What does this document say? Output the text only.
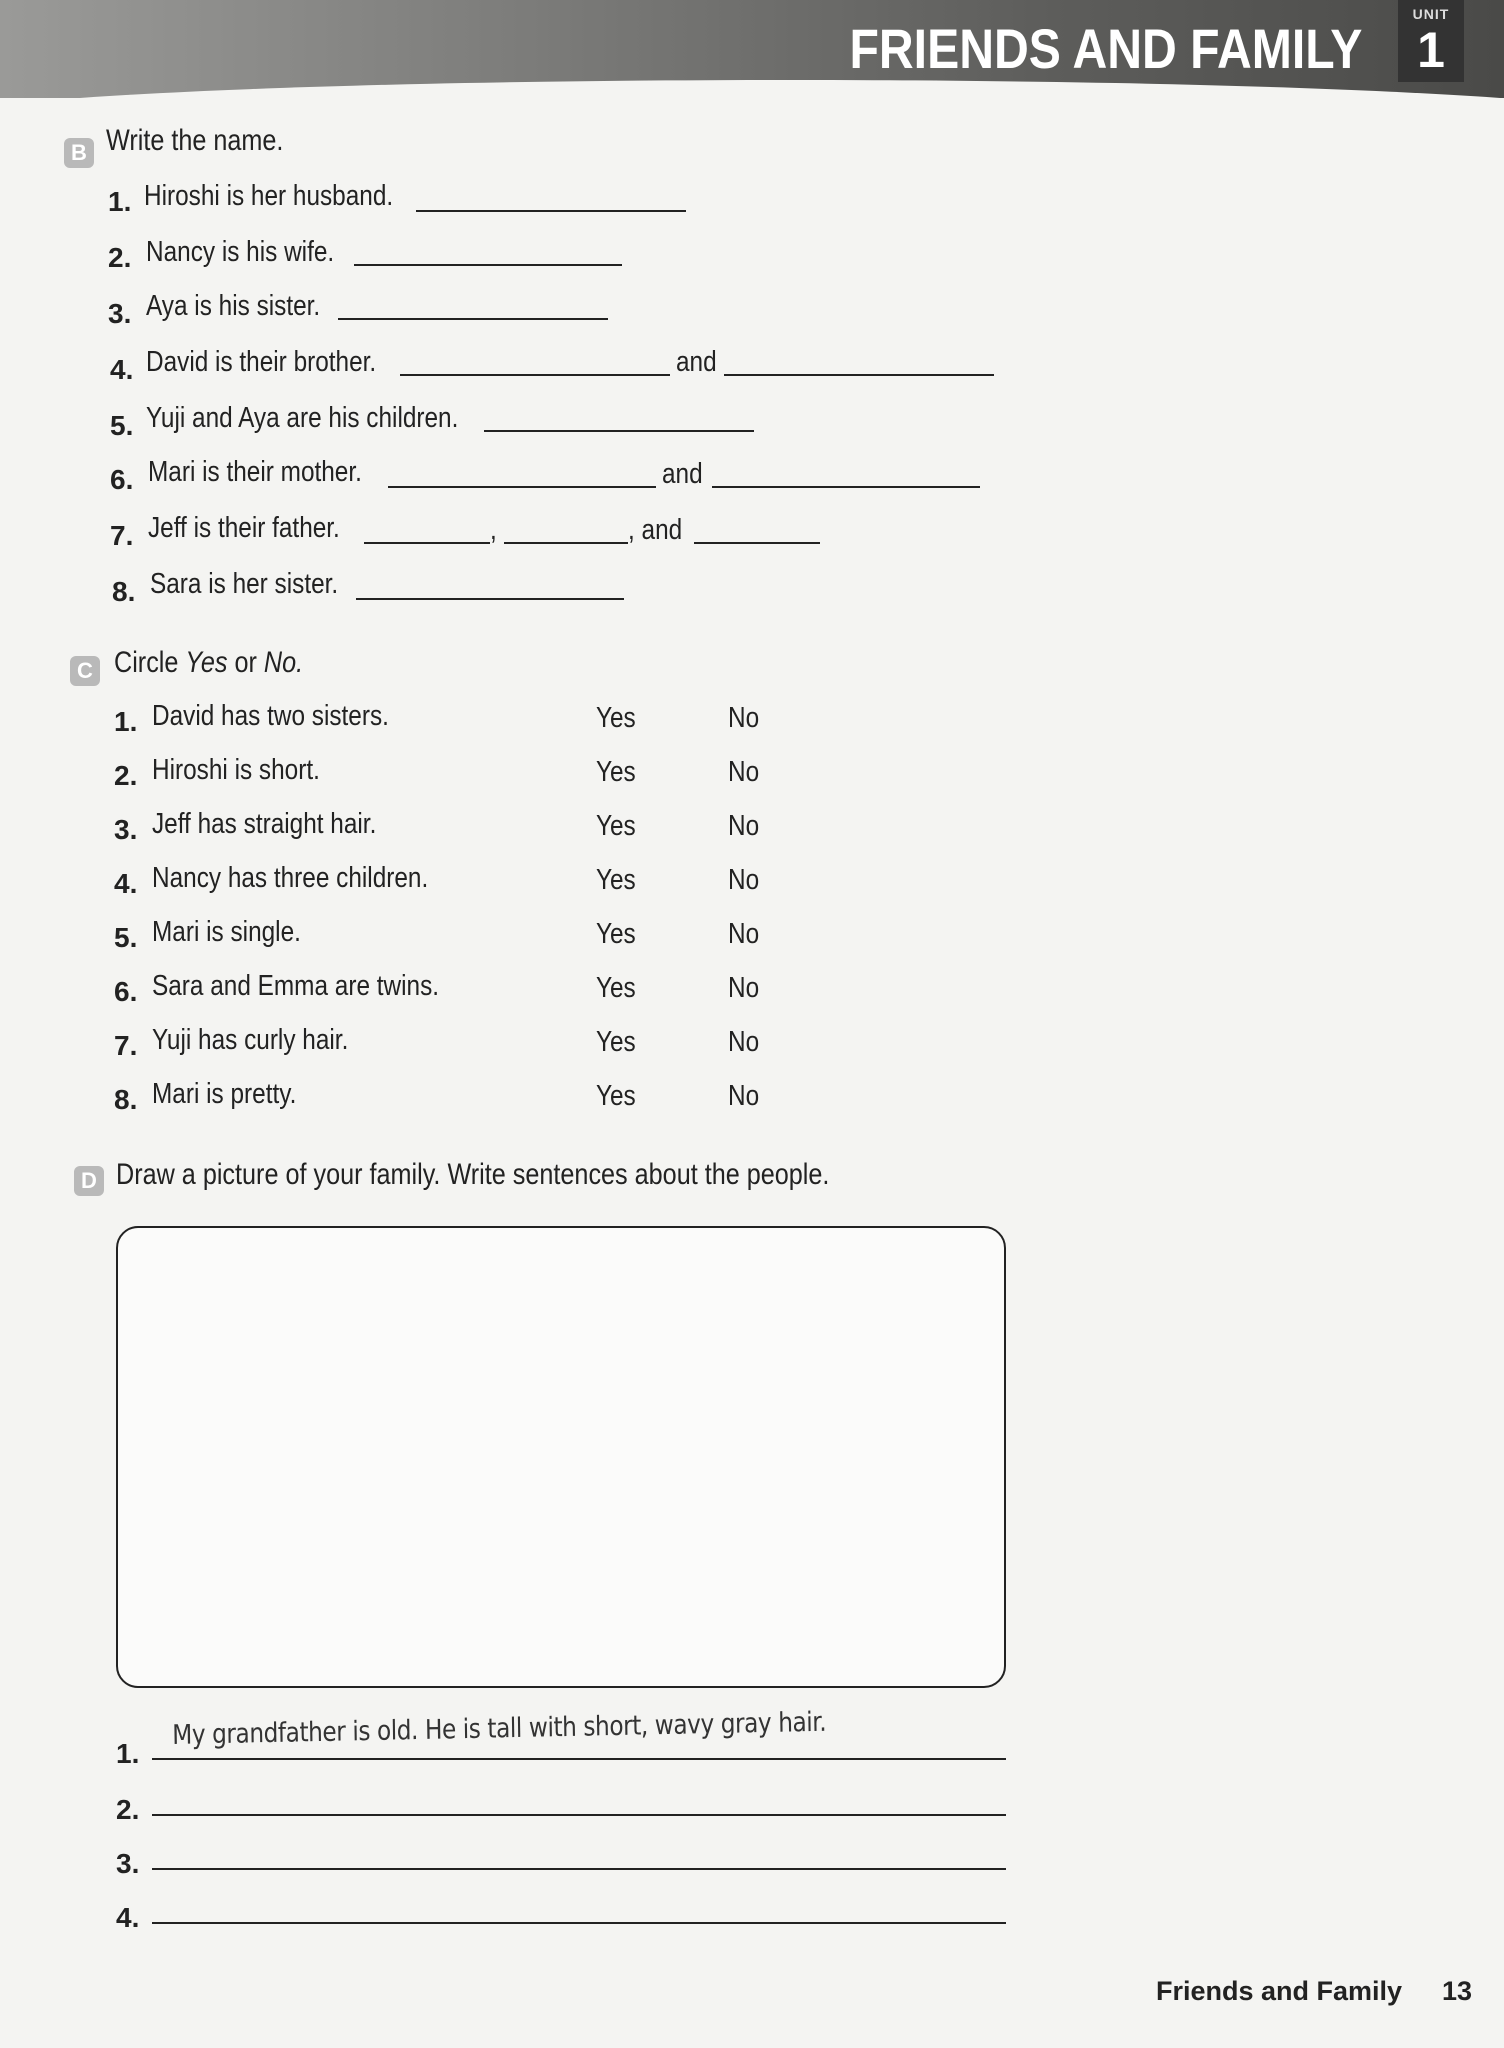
FRIENDS AND FAMILY
UNIT
1
B Write the name.
1. Hiroshi is her husband.
2. Nancy is his wife.
3. Aya is his sister.
4. David is their brother.	and
5. Yuji and Aya are his children.
6. Mari is their mother.	and
7. Jeff is their father.	,	, and
8. Sara is her sister.
C Circle Yes or No.
1. David has two sisters.	Yes	No
2. Hiroshi is short.	Yes	No
3. Jeff has straight hair.	Yes	No
4. Nancy has three children.	Yes	No
5. Mari is single.	Yes	No
6. Sara and Emma are twins.	Yes	No
7. Yuji has curly hair.	Yes	No
8. Mari is pretty.	Yes	No
D Draw a picture of your family. Write sentences about the people.
1.
My grandfather is old. He is tall with short, wavy gray hair.
2.
3.
4.
Friends and Family 13
